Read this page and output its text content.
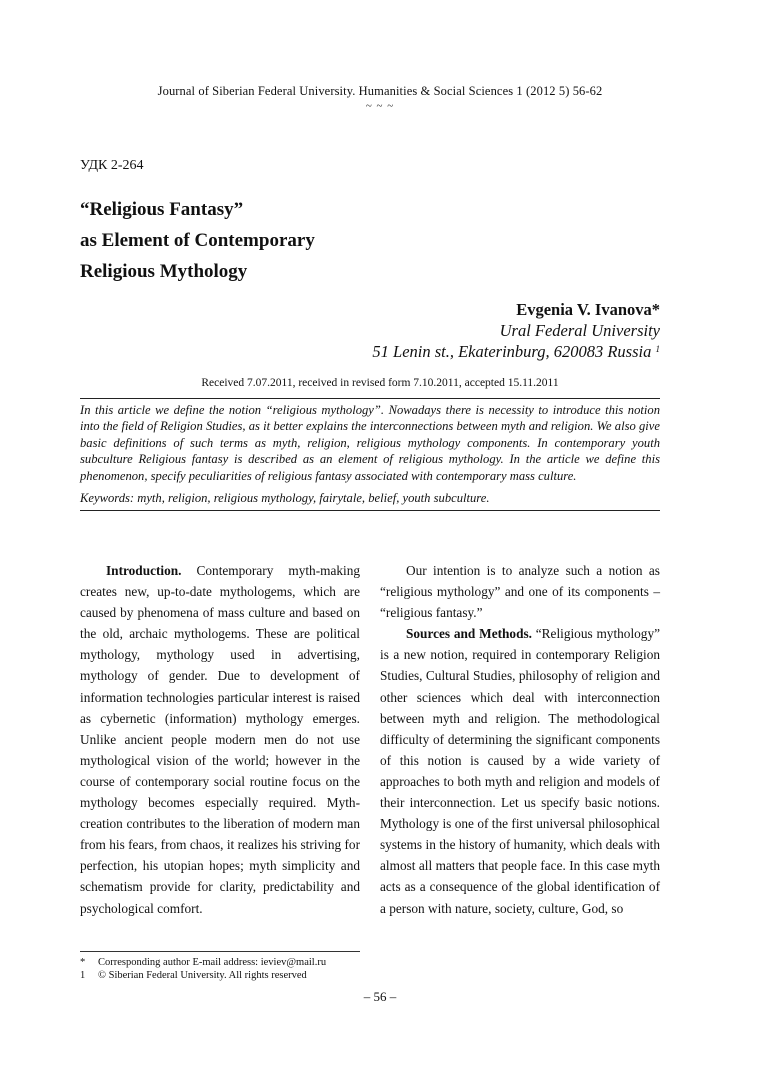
Journal of Siberian Federal University. Humanities & Social Sciences 1 (2012 5) 56-62
~ ~ ~
УДК 2-264
“Religious Fantasy”
as Element of Contemporary
Religious Mythology
Evgenia V. Ivanova*
Ural Federal University
51 Lenin st., Ekaterinburg, 620083 Russia $^1$
Received 7.07.2011, received in revised form 7.10.2011, accepted 15.11.2011
In this article we define the notion “religious mythology”. Nowadays there is necessity to introduce this notion into the field of Religion Studies, as it better explains the interconnections between myth and religion. We also give basic definitions of such terms as myth, religion, religious mythology components. In contemporary youth subculture Religious fantasy is described as an element of religious mythology. In the article we define this phenomenon, specify peculiarities of religious fantasy associated with contemporary mass culture.
Keywords: myth, religion, religious mythology, fairytale, belief, youth subculture.

Introduction. Contemporary myth-making creates new, up-to-date mythologems, which are caused by phenomena of mass culture and based on the old, archaic mythologems. These are political mythology, mythology used in advertising, mythology of gender. Due to development of information technologies particular interest is raised as cybernetic (information) mythology emerges. Unlike ancient people modern men do not use mythological vision of the world; however in the course of contemporary social routine focus on the mythology becomes especially required. Myth-creation contributes to the liberation of modern man from his fears, from chaos, it realizes his striving for perfection, his utopian hopes; myth simplicity and schematism provide for clarity, predictability and psychological comfort.

Our intention is to analyze such a notion as “religious mythology” and one of its components – “religious fantasy.”

Sources and Methods. “Religious mythology” is a new notion, required in contemporary Religion Studies, Cultural Studies, philosophy of religion and other sciences which deal with interconnection between myth and religion. The methodological difficulty of determining the significant components of this notion is caused by a wide variety of approaches to both myth and religion and models of their interconnection. Let us specify basic notions. Mythology is one of the first universal philosophical systems in the history of humanity, which deals with almost all matters that people face. In this case myth acts as a consequence of the global identification of a person with nature, society, culture, God, so

*	Corresponding author E-mail address: ieviev@mail.ru
1	© Siberian Federal University. All rights reserved
– 56 –
